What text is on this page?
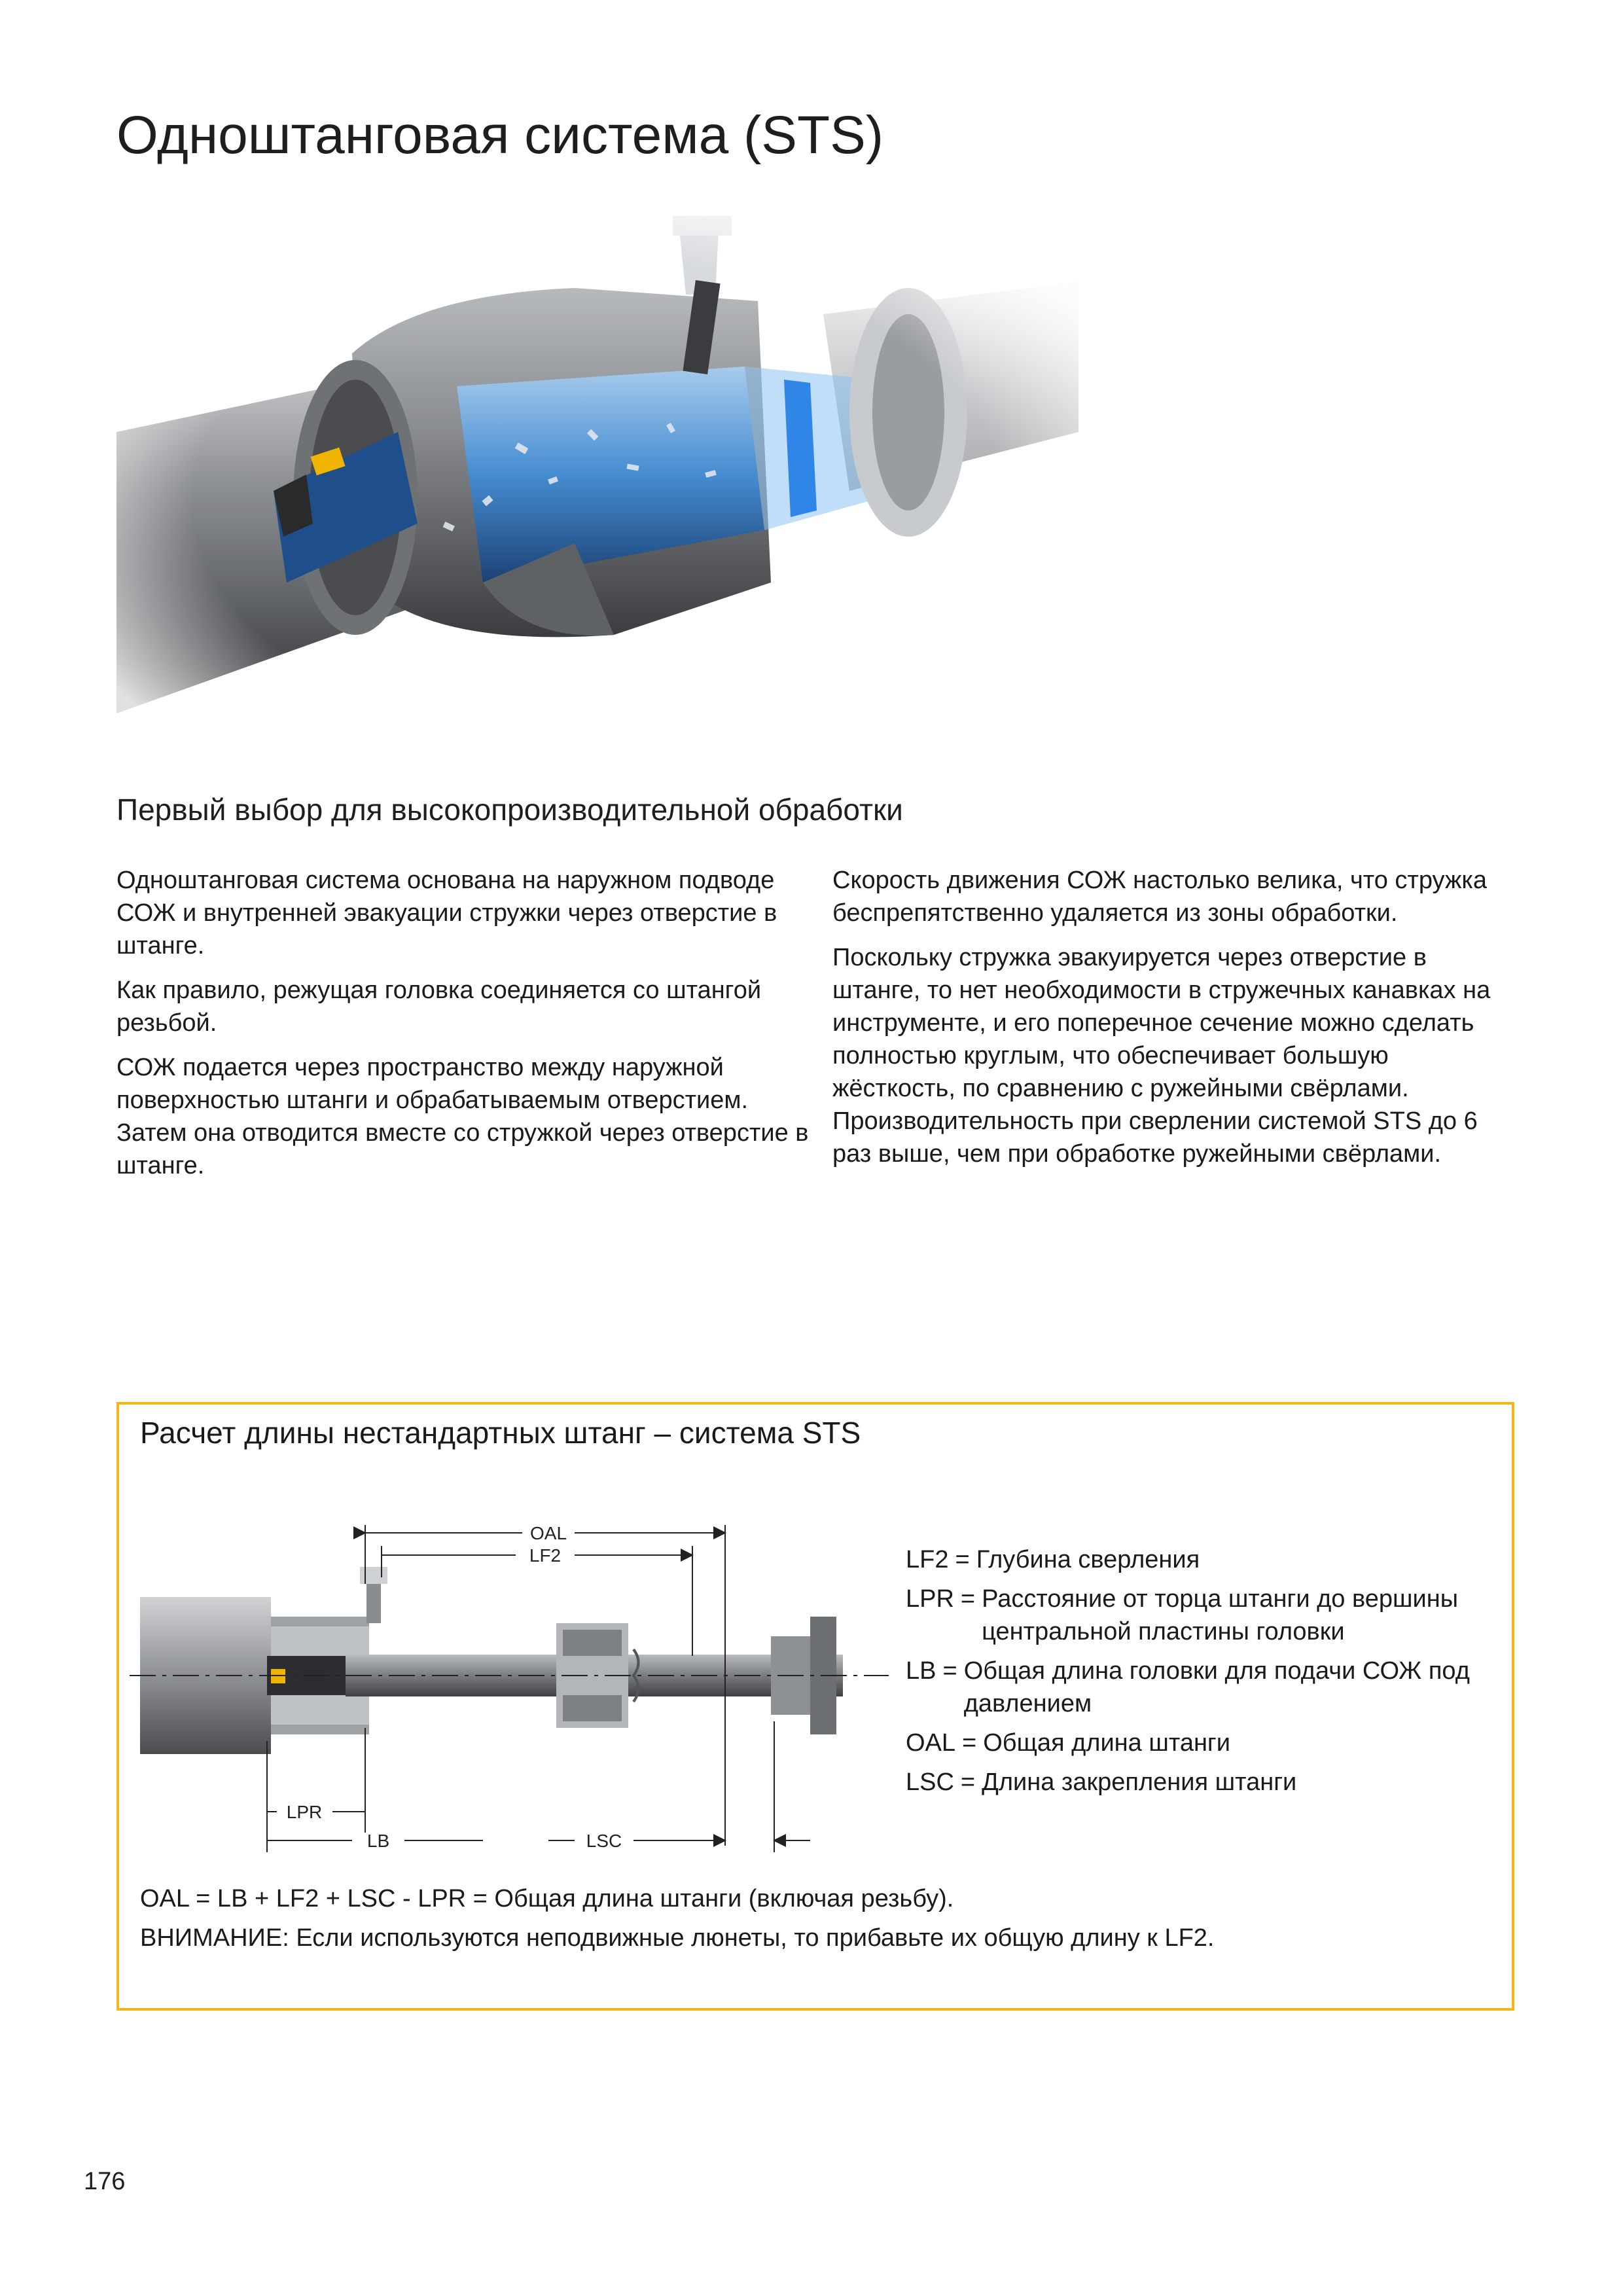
Одноштанговая система (STS)
Первый выбор для высокопроизводительной обработки

Одноштанговая система основана на наружном подводе СОЖ и внутренней эвакуации стружки через отверстие в штанге.

Как правило, режущая головка соединяется со штангой резьбой.

СОЖ подается через пространство между наружной поверхностью штанги и обрабатываемым отверстием. Затем она отводится вместе со стружкой через отверстие в штанге.

Скорость движения СОЖ настолько велика, что стружка беспрепятственно удаляется из зоны обработки.

Поскольку стружка эвакуируется через отверстие в штанге, то нет необходимости в стружечных канавках на инструменте, и его поперечное сечение можно сделать полностью круглым, что обеспечивает большую жёсткость, по сравнению с ружейными свёрлами. Производительность при сверлении системой STS до 6 раз выше, чем при обработке ружейными свёрлами.

Расчет длины нестандартных штанг – система STS
OAL
LF2
LPR
LB	LSC
LF2 = Глубина сверления
LPR = Расстояние от торца штанги до вершины центральной пластины головки
LB = Общая длина головки для подачи СОЖ под давлением
OAL = Общая длина штанги
LSC = Длина закрепления штанги
OAL = LB + LF2 + LSC - LPR = Общая длина штанги (включая резьбу).
ВНИМАНИЕ: Если используются неподвижные люнеты, то прибавьте их общую длину к LF2.
176
